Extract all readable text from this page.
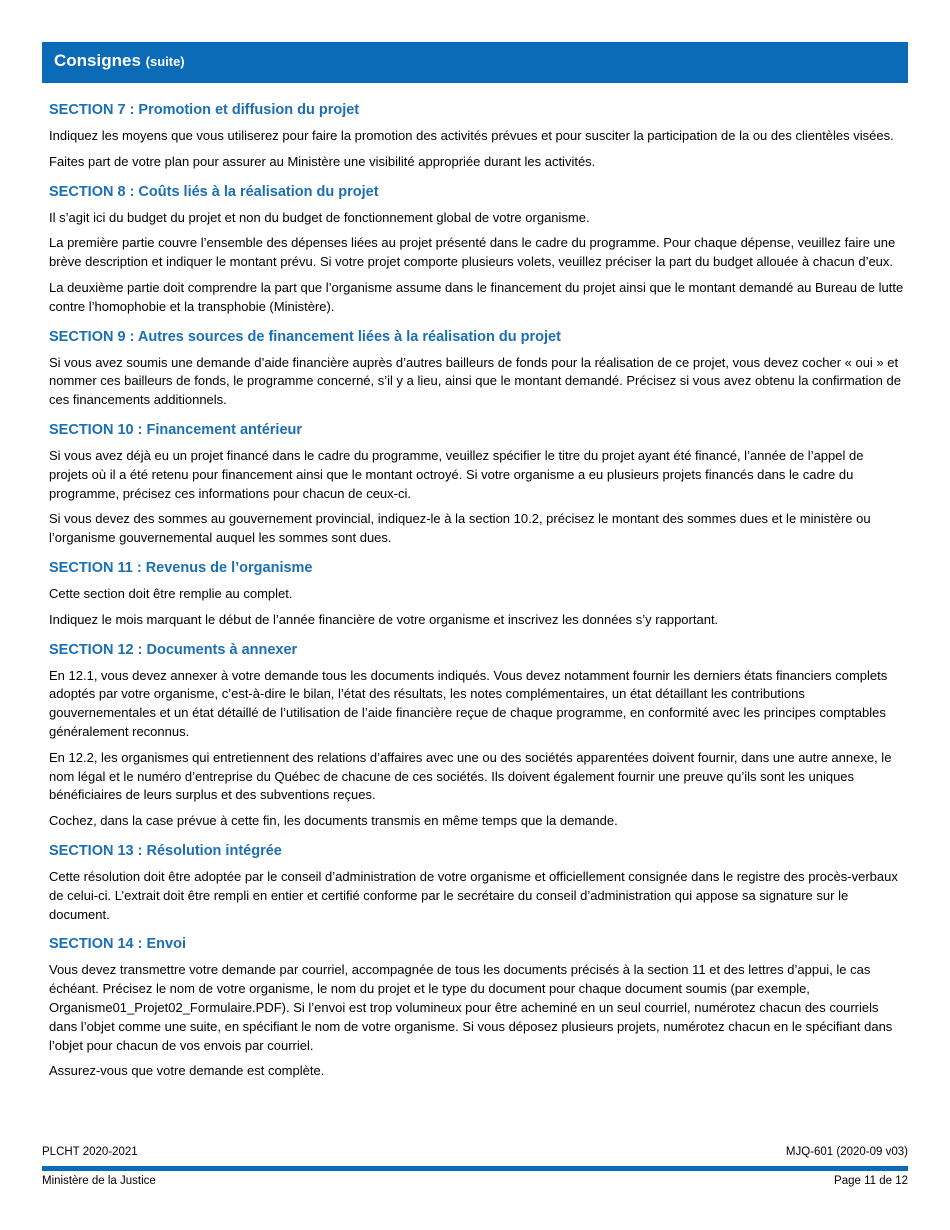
Consignes (suite)
SECTION 7 : Promotion et diffusion du projet

Indiquez les moyens que vous utiliserez pour faire la promotion des activités prévues et pour susciter la participation de la ou des clientèles visées.

Faites part de votre plan pour assurer au Ministère une visibilité appropriée durant les activités.

SECTION 8 : Coûts liés à la réalisation du projet

Il s’agit ici du budget du projet et non du budget de fonctionnement global de votre organisme.

La première partie couvre l’ensemble des dépenses liées au projet présenté dans le cadre du programme. Pour chaque dépense, veuillez faire une brève description et indiquer le montant prévu. Si votre projet comporte plusieurs volets, veuillez préciser la part du budget allouée à chacun d’eux.

La deuxième partie doit comprendre la part que l’organisme assume dans le financement du projet ainsi que le montant demandé au Bureau de lutte contre l’homophobie et la transphobie (Ministère).

SECTION 9 : Autres sources de financement liées à la réalisation du projet

Si vous avez soumis une demande d’aide financière auprès d’autres bailleurs de fonds pour la réalisation de ce projet, vous devez cocher « oui » et nommer ces bailleurs de fonds, le programme concerné, s’il y a lieu, ainsi que le montant demandé. Précisez si vous avez obtenu la confirmation de ces financements additionnels.

SECTION 10 : Financement antérieur

Si vous avez déjà eu un projet financé dans le cadre du programme, veuillez spécifier le titre du projet ayant été financé, l’année de l’appel de projets où il a été retenu pour financement ainsi que le montant octroyé. Si votre organisme a eu plusieurs projets financés dans le cadre du programme, précisez ces informations pour chacun de ceux-ci.

Si vous devez des sommes au gouvernement provincial, indiquez-le à la section 10.2, précisez le montant des sommes dues et le ministère ou l’organisme gouvernemental auquel les sommes sont dues.

SECTION 11 : Revenus de l’organisme

Cette section doit être remplie au complet.

Indiquez le mois marquant le début de l’année financière de votre organisme et inscrivez les données s’y rapportant.

SECTION 12 : Documents à annexer

En 12.1, vous devez annexer à votre demande tous les documents indiqués. Vous devez notamment fournir les derniers états financiers complets adoptés par votre organisme, c’est-à-dire le bilan, l’état des résultats, les notes complémentaires, un état détaillant les contributions gouvernementales et un état détaillé de l’utilisation de l’aide financière reçue de chaque programme, en conformité avec les principes comptables généralement reconnus.

En 12.2, les organismes qui entretiennent des relations d’affaires avec une ou des sociétés apparentées doivent fournir, dans une autre annexe, le nom légal et le numéro d’entreprise du Québec de chacune de ces sociétés. Ils doivent également fournir une preuve qu’ils sont les uniques bénéficiaires de leurs surplus et des subventions reçues.

Cochez, dans la case prévue à cette fin, les documents transmis en même temps que la demande.

SECTION 13 : Résolution intégrée

Cette résolution doit être adoptée par le conseil d’administration de votre organisme et officiellement consignée dans le registre des procès-verbaux de celui-ci. L’extrait doit être rempli en entier et certifié conforme par le secrétaire du conseil d’administration qui appose sa signature sur le document.

SECTION 14 : Envoi

Vous devez transmettre votre demande par courriel, accompagnée de tous les documents précisés à la section 11 et des lettres d’appui, le cas échéant. Précisez le nom de votre organisme, le nom du projet et le type du document pour chaque document soumis (par exemple, Organisme01_Projet02_Formulaire.PDF). Si l’envoi est trop volumineux pour être acheminé en un seul courriel, numérotez chacun des courriels dans l’objet comme une suite, en spécifiant le nom de votre organisme. Si vous déposez plusieurs projets, numérotez chacun en le spécifiant dans l’objet pour chacun de vos envois par courriel.

Assurez-vous que votre demande est complète.

PLCHT 2020-2021	MJQ-601 (2020-09 v03)
Ministère de la Justice	Page 11 de 12
